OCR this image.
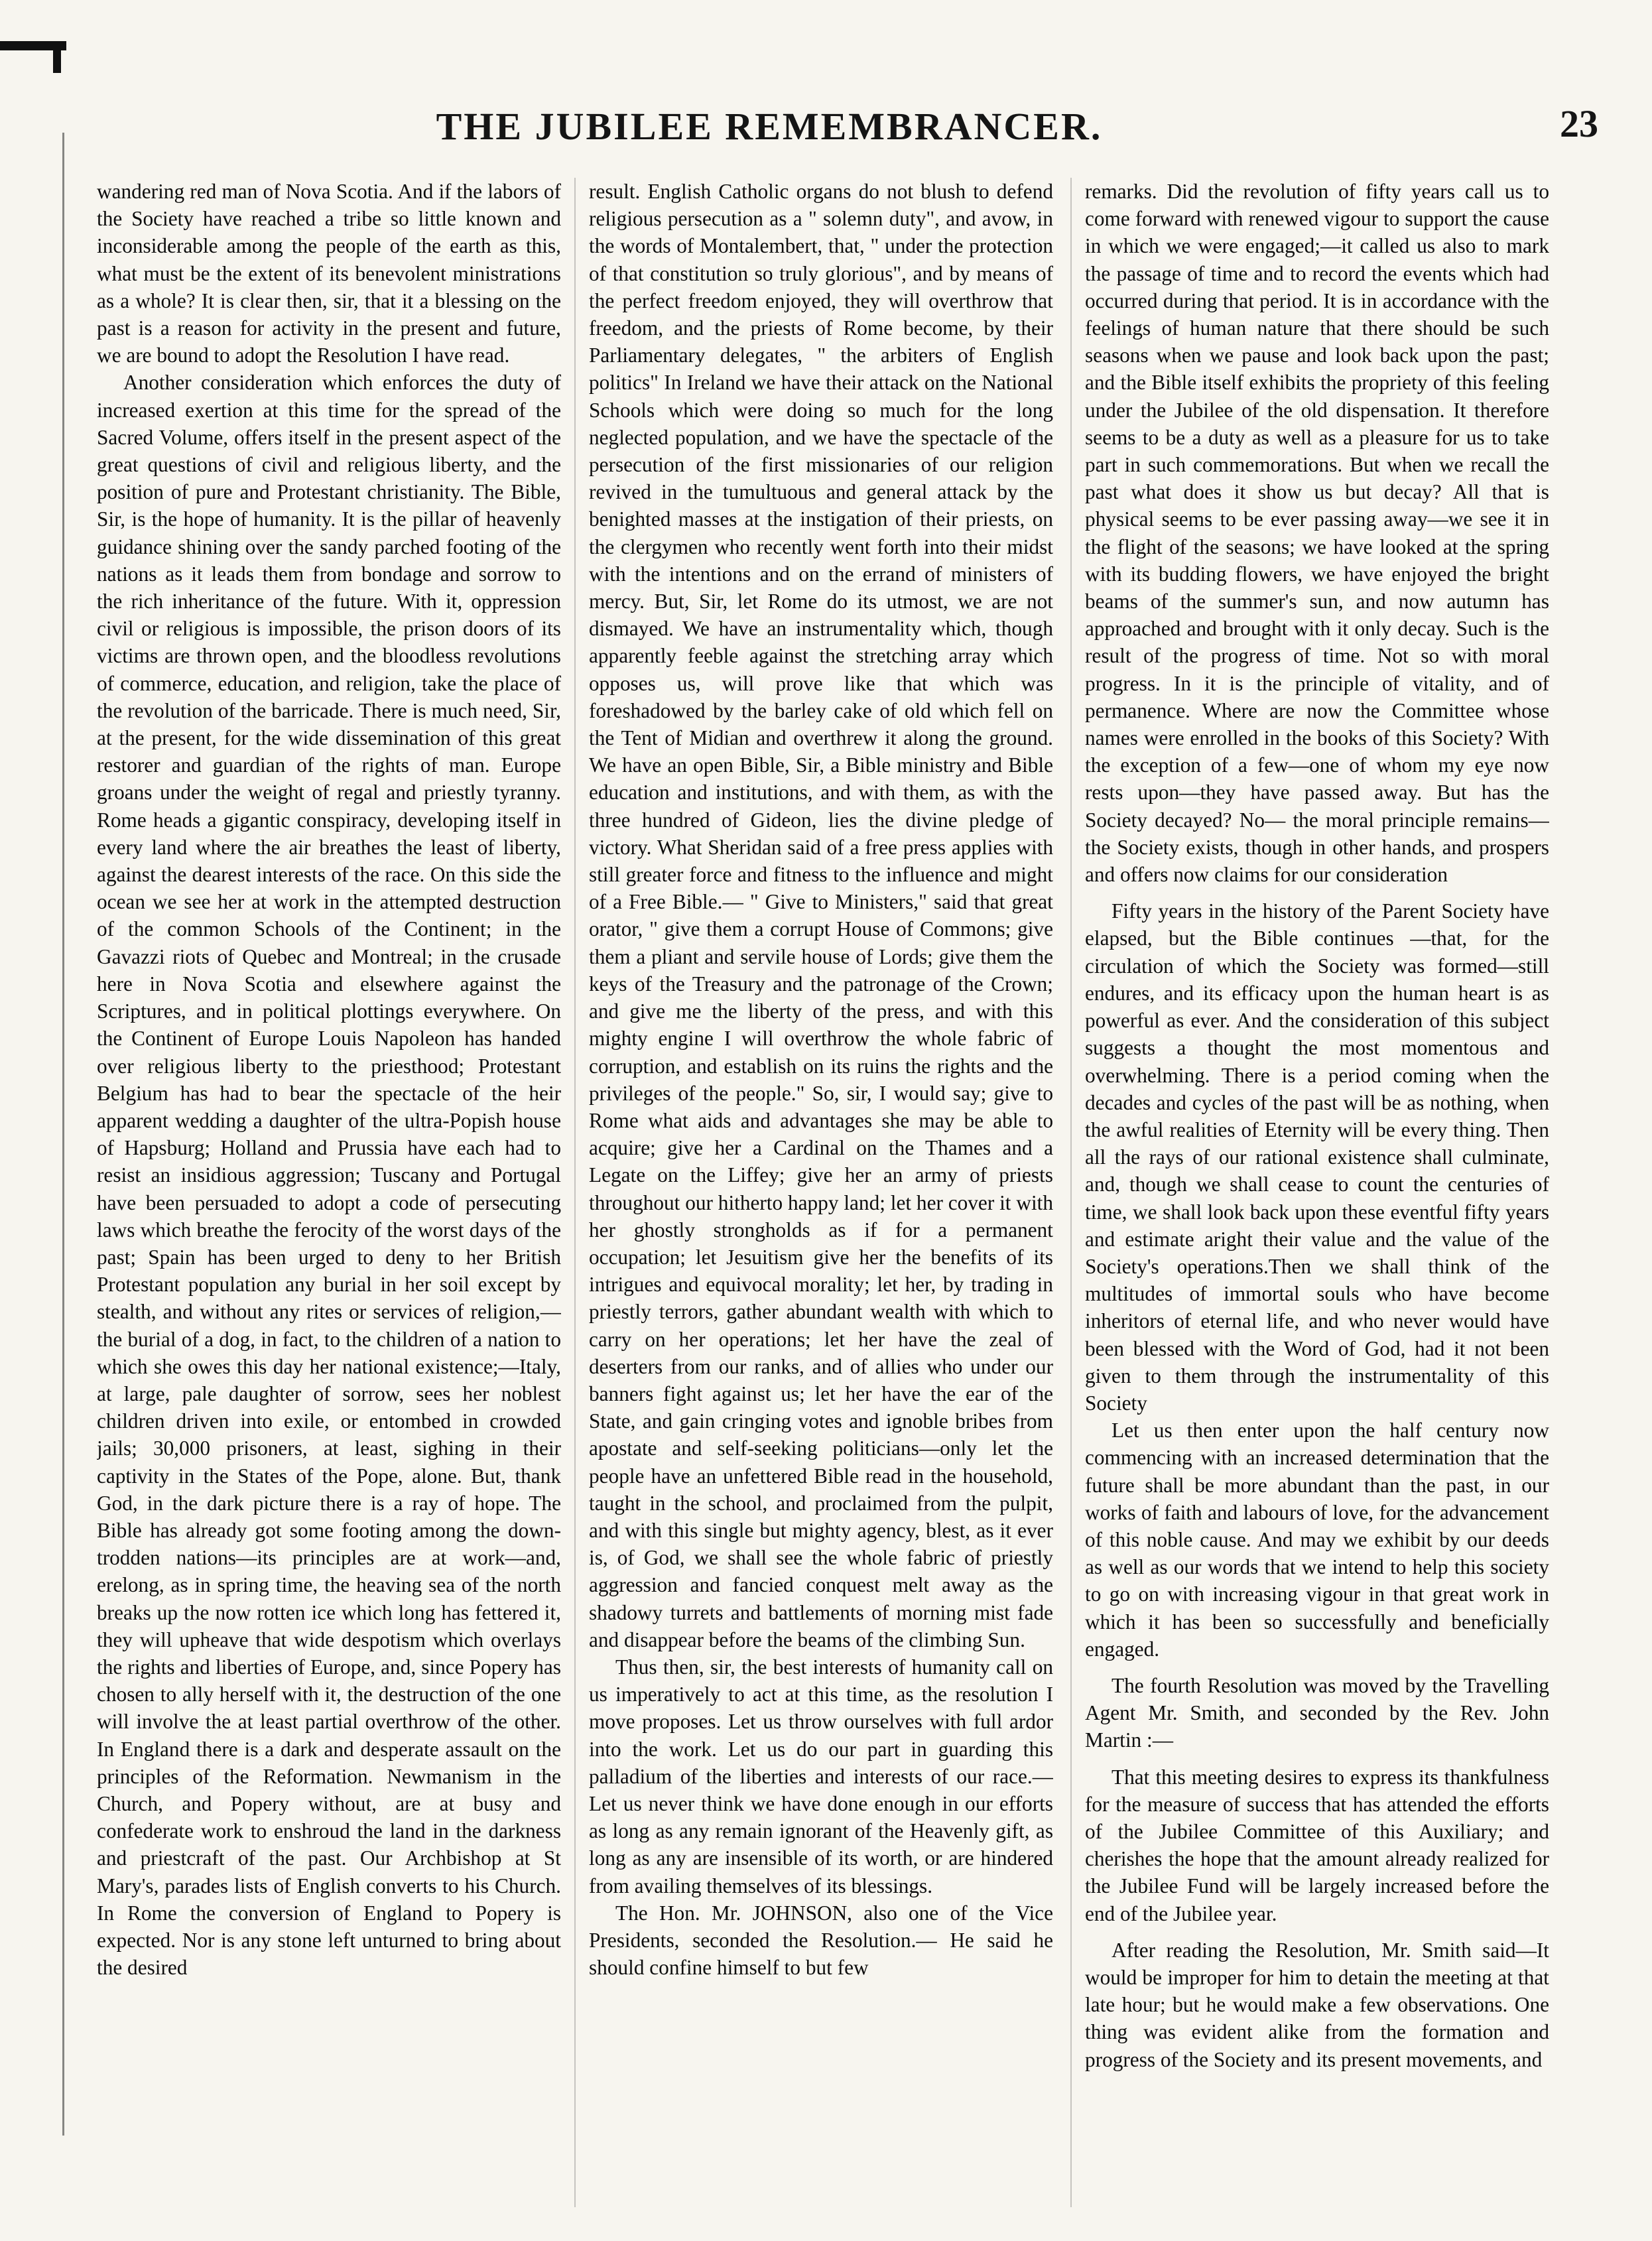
THE JUBILEE REMEMBRANCER.	23

wandering red man of Nova Scotia. And if the labors of the Society have reached a tribe so little known and inconsiderable among the people of the earth as this, what must be the extent of its benevolent ministrations as a whole? It is clear then, sir, that it a blessing on the past is a reason for activity in the present and future, we are bound to adopt the Resolution I have read.

Another consideration which enforces the duty of increased exertion at this time for the spread of the Sacred Volume, offers itself in the present aspect of the great questions of civil and religious liberty, and the position of pure and Protestant christianity. The Bible, Sir, is the hope of humanity. It is the pillar of heavenly guidance shining over the sandy parched footing of the nations as it leads them from bondage and sorrow to the rich inheritance of the future. With it, oppression civil or religious is impossible, the prison doors of its victims are thrown open, and the bloodless revolutions of commerce, education, and religion, take the place of the revolution of the barricade. There is much need, Sir, at the present, for the wide dissemination of this great restorer and guardian of the rights of man. Europe groans under the weight of regal and priestly tyranny. Rome heads a gigantic conspiracy, developing itself in every land where the air breathes the least of liberty, against the dearest interests of the race. On this side the ocean we see her at work in the attempted destruction of the common Schools of the Continent; in the Gavazzi riots of Quebec and Montreal; in the crusade here in Nova Scotia and elsewhere against the Scriptures, and in political plottings everywhere. On the Continent of Europe Louis Napoleon has handed over religious liberty to the priesthood; Protestant Belgium has had to bear the spectacle of the heir apparent wedding a daughter of the ultra-Popish house of Hapsburg; Holland and Prussia have each had to resist an insidious aggression; Tuscany and Portugal have been persuaded to adopt a code of persecuting laws which breathe the ferocity of the worst days of the past; Spain has been urged to deny to her British Protestant population any burial in her soil except by stealth, and without any rites or services of religion,—the burial of a dog, in fact, to the children of a nation to which she owes this day her national existence;—Italy, at large, pale daughter of sorrow, sees her noblest children driven into exile, or entombed in crowded jails; 30,000 prisoners, at least, sighing in their captivity in the States of the Pope, alone. But, thank God, in the dark picture there is a ray of hope. The Bible has already got some footing among the down-trodden nations—its principles are at work—and, erelong, as in spring time, the heaving sea of the north breaks up the now rotten ice which long has fettered it, they will upheave that wide despotism which overlays the rights and liberties of Europe, and, since Popery has chosen to ally herself with it, the destruction of the one will involve the at least partial overthrow of the other. In England there is a dark and desperate assault on the principles of the Reformation. Newmanism in the Church, and Popery without, are at busy and confederate work to enshroud the land in the darkness and priestcraft of the past. Our Archbishop at St Mary's, parades lists of English converts to his Church. In Rome the conversion of England to Popery is expected. Nor is any stone left unturned to bring about the desired

result. English Catholic organs do not blush to defend religious persecution as a " solemn duty", and avow, in the words of Montalembert, that, " under the protection of that constitution so truly glorious", and by means of the perfect freedom enjoyed, they will overthrow that freedom, and the priests of Rome become, by their Parliamentary delegates, " the arbiters of English politics" In Ireland we have their attack on the National Schools which were doing so much for the long neglected population, and we have the spectacle of the persecution of the first missionaries of our religion revived in the tumultuous and general attack by the benighted masses at the instigation of their priests, on the clergymen who recently went forth into their midst with the intentions and on the errand of ministers of mercy. But, Sir, let Rome do its utmost, we are not dismayed. We have an instrumentality which, though apparently feeble against the stretching array which opposes us, will prove like that which was foreshadowed by the barley cake of old which fell on the Tent of Midian and overthrew it along the ground. We have an open Bible, Sir, a Bible ministry and Bible education and institutions, and with them, as with the three hundred of Gideon, lies the divine pledge of victory. What Sheridan said of a free press applies with still greater force and fitness to the influence and might of a Free Bible.— " Give to Ministers," said that great orator, " give them a corrupt House of Commons; give them a pliant and servile house of Lords; give them the keys of the Treasury and the patronage of the Crown; and give me the liberty of the press, and with this mighty engine I will overthrow the whole fabric of corruption, and establish on its ruins the rights and the privileges of the people." So, sir, I would say; give to Rome what aids and advantages she may be able to acquire; give her a Cardinal on the Thames and a Legate on the Liffey; give her an army of priests throughout our hitherto happy land; let her cover it with her ghostly strongholds as if for a permanent occupation; let Jesuitism give her the benefits of its intrigues and equivocal morality; let her, by trading in priestly terrors, gather abundant wealth with which to carry on her operations; let her have the zeal of deserters from our ranks, and of allies who under our banners fight against us; let her have the ear of the State, and gain cringing votes and ignoble bribes from apostate and self-seeking politicians—only let the people have an unfettered Bible read in the household, taught in the school, and proclaimed from the pulpit, and with this single but mighty agency, blest, as it ever is, of God, we shall see the whole fabric of priestly aggression and fancied conquest melt away as the shadowy turrets and battlements of morning mist fade and disappear before the beams of the climbing Sun.

Thus then, sir, the best interests of humanity call on us imperatively to act at this time, as the resolution I move proposes. Let us throw ourselves with full ardor into the work. Let us do our part in guarding this palladium of the liberties and interests of our race.— Let us never think we have done enough in our efforts as long as any remain ignorant of the Heavenly gift, as long as any are insensible of its worth, or are hindered from availing themselves of its blessings.

The Hon. Mr. JOHNSON, also one of the Vice Presidents, seconded the Resolution.— He said he should confine himself to but few

remarks. Did the revolution of fifty years call us to come forward with renewed vigour to support the cause in which we were engaged;—it called us also to mark the passage of time and to record the events which had occurred during that period. It is in accordance with the feelings of human nature that there should be such seasons when we pause and look back upon the past; and the Bible itself exhibits the propriety of this feeling under the Jubilee of the old dispensation. It therefore seems to be a duty as well as a pleasure for us to take part in such commemorations. But when we recall the past what does it show us but decay? All that is physical seems to be ever passing away—we see it in the flight of the seasons; we have looked at the spring with its budding flowers, we have enjoyed the bright beams of the summer's sun, and now autumn has approached and brought with it only decay. Such is the result of the progress of time. Not so with moral progress. In it is the principle of vitality, and of permanence. Where are now the Committee whose names were enrolled in the books of this Society? With the exception of a few—one of whom my eye now rests upon—they have passed away. But has the Society decayed? No— the moral principle remains— the Society exists, though in other hands, and prospers and offers now claims for our consideration

Fifty years in the history of the Parent Society have elapsed, but the Bible continues —that, for the circulation of which the Society was formed—still endures, and its efficacy upon the human heart is as powerful as ever. And the consideration of this subject suggests a thought the most momentous and overwhelming. There is a period coming when the decades and cycles of the past will be as nothing, when the awful realities of Eternity will be every thing. Then all the rays of our rational existence shall culminate, and, though we shall cease to count the centuries of time, we shall look back upon these eventful fifty years and estimate aright their value and the value of the Society's operations.Then we shall think of the multitudes of immortal souls who have become inheritors of eternal life, and who never would have been blessed with the Word of God, had it not been given to them through the instrumentality of this Society

Let us then enter upon the half century now commencing with an increased determination that the future shall be more abundant than the past, in our works of faith and labours of love, for the advancement of this noble cause. And may we exhibit by our deeds as well as our words that we intend to help this society to go on with increasing vigour in that great work in which it has been so successfully and beneficially engaged.

The fourth Resolution was moved by the Travelling Agent Mr. Smith, and seconded by the Rev. John Martin :—

That this meeting desires to express its thankfulness for the measure of success that has attended the efforts of the Jubilee Committee of this Auxiliary; and cherishes the hope that the amount already realized for the Jubilee Fund will be largely increased before the end of the Jubilee year.

After reading the Resolution, Mr. Smith said—It would be improper for him to detain the meeting at that late hour; but he would make a few observations. One thing was evident alike from the formation and progress of the Society and its present movements, and
